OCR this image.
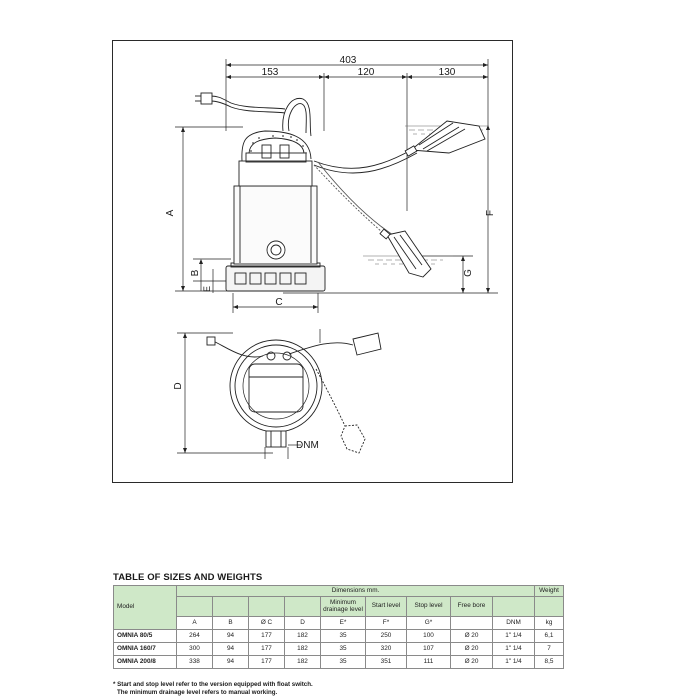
403
153	120	130
A
B
E
F
G
C
D
DNM
TABLE OF SIZES AND WEIGHTS
Model	Dimensions mm.									Weight
					Minimum drainage level	Start level	Stop level	Free bore		
	A	B	Ø C	D	E*	F*	G*		DNM	kg
OMNIA 80/5	264	94	177	182	35	250	100	Ø 20	1" 1/4	6,1
OMNIA 160/7	300	94	177	182	35	320	107	Ø 20	1" 1/4	7
OMNIA 200/8	338	94	177	182	35	351	111	Ø 20	1" 1/4	8,5
* Start and stop level refer to the version equipped with float switch.
The minimum drainage level refers to manual working.
